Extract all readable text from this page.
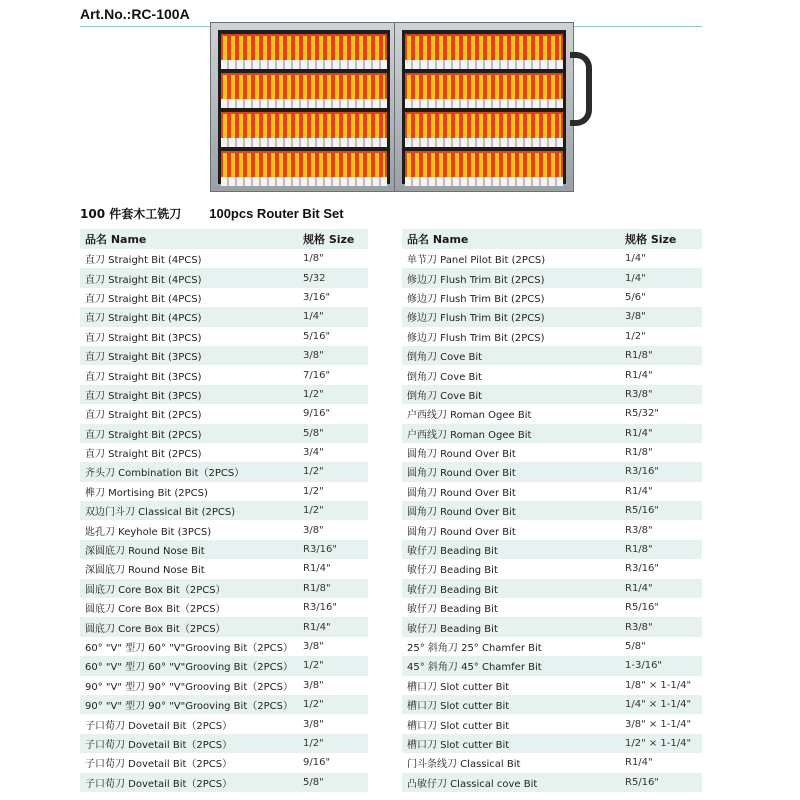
Art.No.:RC-100A
100 件套木工铣刀 100pcs Router Bit Set
品名 Name	规格 Size
直刀 Straight Bit (4PCS)	1/8"
直刀 Straight Bit (4PCS)	5/32
直刀 Straight Bit (4PCS)	3/16"
直刀 Straight Bit (4PCS)	1/4"
直刀 Straight Bit (3PCS)	5/16"
直刀 Straight Bit (3PCS)	3/8"
直刀 Straight Bit (3PCS)	7/16"
直刀 Straight Bit (3PCS)	1/2"
直刀 Straight Bit (2PCS)	9/16"
直刀 Straight Bit (2PCS)	5/8"
直刀 Straight Bit (2PCS)	3/4"
齐头刀 Combination Bit（2PCS）	1/2"
榫刀 Mortising Bit (2PCS)	1/2"
双边门斗刀 Classical Bit (2PCS)	1/2"
匙孔刀 Keyhole Bit (3PCS)	3/8"
深圆底刀 Round Nose Bit	R3/16"
深圆底刀 Round Nose Bit	R1/4"
圆底刀 Core Box Bit（2PCS）	R1/8"
圆底刀 Core Box Bit（2PCS）	R3/16"
圆底刀 Core Box Bit（2PCS）	R1/4"
60° "V" 型刀 60° "V"Grooving Bit（2PCS）	3/8"
60° "V" 型刀 60° "V"Grooving Bit（2PCS）	1/2"
90° "V" 型刀 90° "V"Grooving Bit（2PCS）	3/8"
90° "V" 型刀 90° "V"Grooving Bit（2PCS）	1/2"
子口荀刀 Dovetail Bit（2PCS）	3/8"
子口荀刀 Dovetail Bit（2PCS）	1/2"
子口荀刀 Dovetail Bit（2PCS）	9/16"
子口荀刀 Dovetail Bit（2PCS）	5/8"
品名 Name	规格 Size
单节刀 Panel Pilot Bit (2PCS)	1/4"
修边刀 Flush Trim Bit (2PCS)	1/4"
修边刀 Flush Trim Bit (2PCS)	5/6"
修边刀 Flush Trim Bit (2PCS)	3/8"
修边刀 Flush Trim Bit (2PCS)	1/2"
倒角刀 Cove Bit	R1/8"
倒角刀 Cove Bit	R1/4"
倒角刀 Cove Bit	R3/8"
户西线刀 Roman Ogee Bit	R5/32"
户西线刀 Roman Ogee Bit	R1/4"
圆角刀 Round Over Bit	R1/8"
圆角刀 Round Over Bit	R3/16"
圆角刀 Round Over Bit	R1/4"
圆角刀 Round Over Bit	R5/16"
圆角刀 Round Over Bit	R3/8"
敏仔刀 Beading Bit	R1/8"
敏仔刀 Beading Bit	R3/16"
敏仔刀 Beading Bit	R1/4"
敏仔刀 Beading Bit	R5/16"
敏仔刀 Beading Bit	R3/8"
25° 斜角刀 25° Chamfer Bit	5/8"
45° 斜角刀 45° Chamfer Bit	1-3/16"
槽口刀 Slot cutter Bit	1/8" × 1-1/4"
槽口刀 Slot cutter Bit	1/4" × 1-1/4"
槽口刀 Slot cutter Bit	3/8" × 1-1/4"
槽口刀 Slot cutter Bit	1/2" × 1-1/4"
门斗条线刀 Classical Bit	R1/4"
凸敏仔刀 Classical cove Bit	R5/16"
